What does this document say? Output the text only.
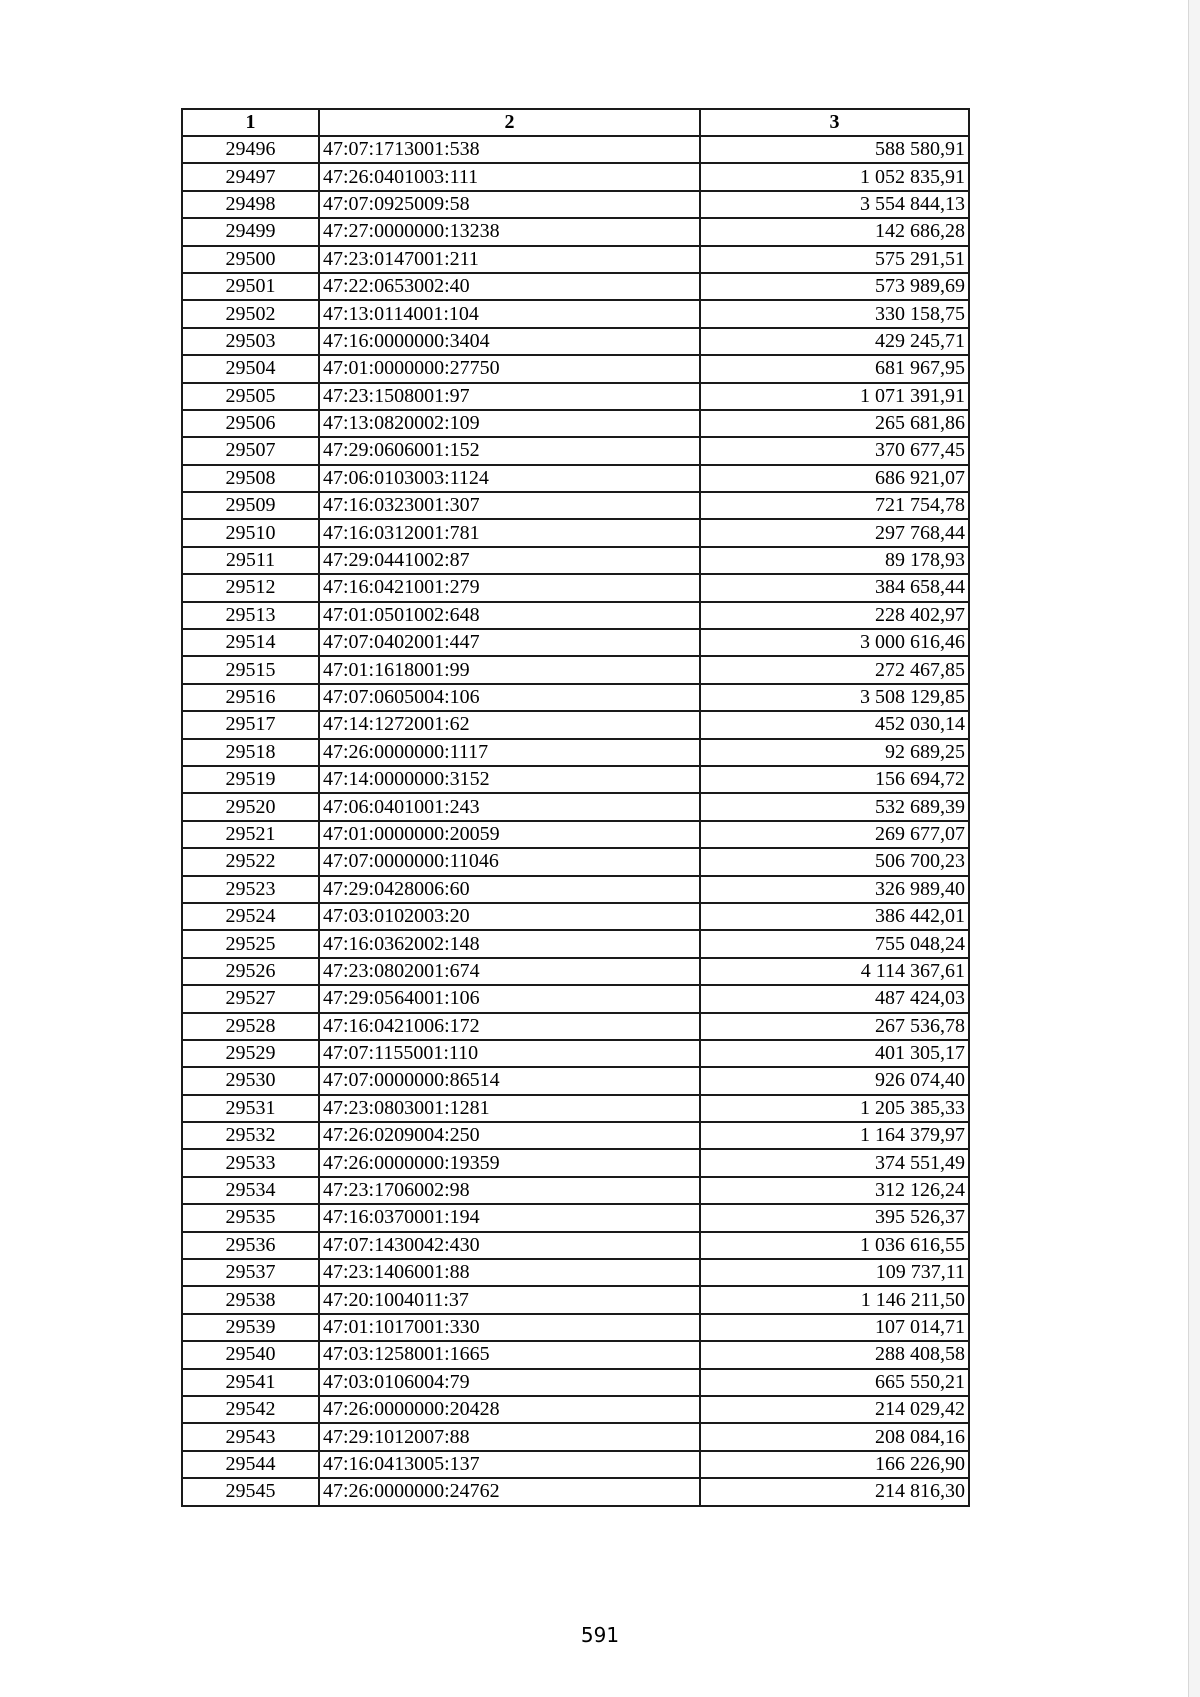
1	2	3
29496	47:07:1713001:538	588 580,91
29497	47:26:0401003:111	1 052 835,91
29498	47:07:0925009:58	3 554 844,13
29499	47:27:0000000:13238	142 686,28
29500	47:23:0147001:211	575 291,51
29501	47:22:0653002:40	573 989,69
29502	47:13:0114001:104	330 158,75
29503	47:16:0000000:3404	429 245,71
29504	47:01:0000000:27750	681 967,95
29505	47:23:1508001:97	1 071 391,91
29506	47:13:0820002:109	265 681,86
29507	47:29:0606001:152	370 677,45
29508	47:06:0103003:1124	686 921,07
29509	47:16:0323001:307	721 754,78
29510	47:16:0312001:781	297 768,44
29511	47:29:0441002:87	89 178,93
29512	47:16:0421001:279	384 658,44
29513	47:01:0501002:648	228 402,97
29514	47:07:0402001:447	3 000 616,46
29515	47:01:1618001:99	272 467,85
29516	47:07:0605004:106	3 508 129,85
29517	47:14:1272001:62	452 030,14
29518	47:26:0000000:1117	92 689,25
29519	47:14:0000000:3152	156 694,72
29520	47:06:0401001:243	532 689,39
29521	47:01:0000000:20059	269 677,07
29522	47:07:0000000:11046	506 700,23
29523	47:29:0428006:60	326 989,40
29524	47:03:0102003:20	386 442,01
29525	47:16:0362002:148	755 048,24
29526	47:23:0802001:674	4 114 367,61
29527	47:29:0564001:106	487 424,03
29528	47:16:0421006:172	267 536,78
29529	47:07:1155001:110	401 305,17
29530	47:07:0000000:86514	926 074,40
29531	47:23:0803001:1281	1 205 385,33
29532	47:26:0209004:250	1 164 379,97
29533	47:26:0000000:19359	374 551,49
29534	47:23:1706002:98	312 126,24
29535	47:16:0370001:194	395 526,37
29536	47:07:1430042:430	1 036 616,55
29537	47:23:1406001:88	109 737,11
29538	47:20:1004011:37	1 146 211,50
29539	47:01:1017001:330	107 014,71
29540	47:03:1258001:1665	288 408,58
29541	47:03:0106004:79	665 550,21
29542	47:26:0000000:20428	214 029,42
29543	47:29:1012007:88	208 084,16
29544	47:16:0413005:137	166 226,90
29545	47:26:0000000:24762	214 816,30
591
